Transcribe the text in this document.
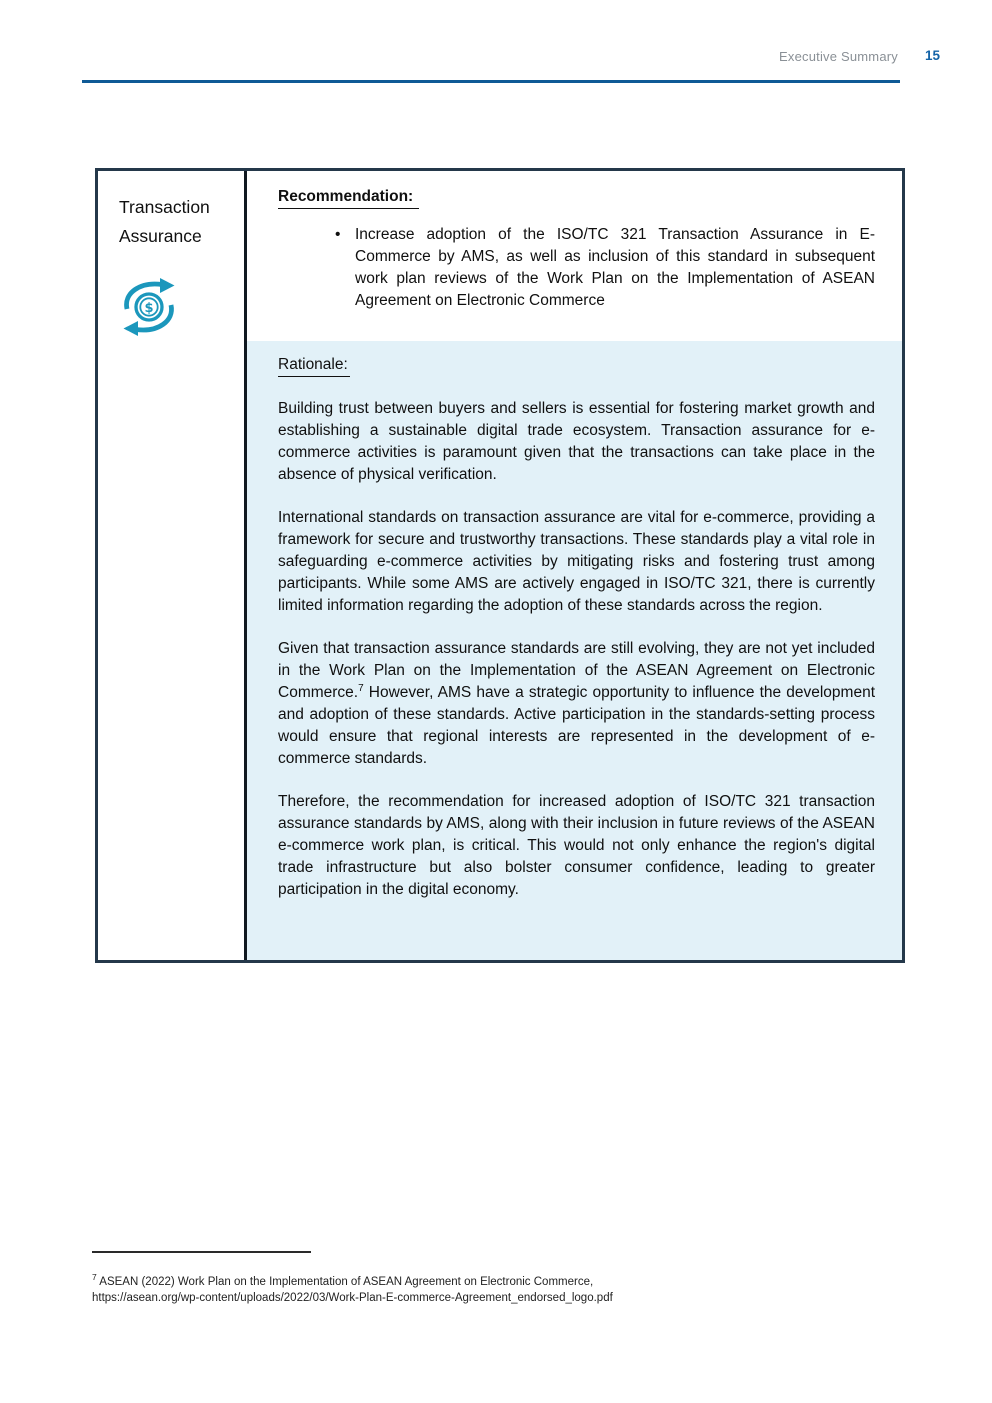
Executive Summary 15
Transaction
Assurance
$
Recommendation:
• Increase adoption of the ISO/TC 321 Transaction Assurance in E-Commerce by AMS, as well as inclusion of this standard in subsequent work plan reviews of the Work Plan on the Implementation of ASEAN Agreement on Electronic Commerce
Rationale:

Building trust between buyers and sellers is essential for fostering market growth and establishing a sustainable digital trade ecosystem. Transaction assurance for e-commerce activities is paramount given that the transactions can take place in the absence of physical verification.

International standards on transaction assurance are vital for e-commerce, providing a framework for secure and trustworthy transactions. These standards play a vital role in safeguarding e-commerce activities by mitigating risks and fostering trust among participants. While some AMS are actively engaged in ISO/TC 321, there is currently limited information regarding the adoption of these standards across the region.

Given that transaction assurance standards are still evolving, they are not yet included in the Work Plan on the Implementation of the ASEAN Agreement on Electronic Commerce.$^7$ However, AMS have a strategic opportunity to influence the development and adoption of these standards. Active participation in the standards-setting process would ensure that regional interests are represented in the development of e-commerce standards.

Therefore, the recommendation for increased adoption of ISO/TC 321 transaction assurance standards by AMS, along with their inclusion in future reviews of the ASEAN e-commerce work plan, is critical. This would not only enhance the region's digital trade infrastructure but also bolster consumer confidence, leading to greater participation in the digital economy.

$^7$ ASEAN (2022) Work Plan on the Implementation of ASEAN Agreement on Electronic Commerce,
https://asean.org/wp-content/uploads/2022/03/Work-Plan-E-commerce-Agreement_endorsed_logo.pdf
